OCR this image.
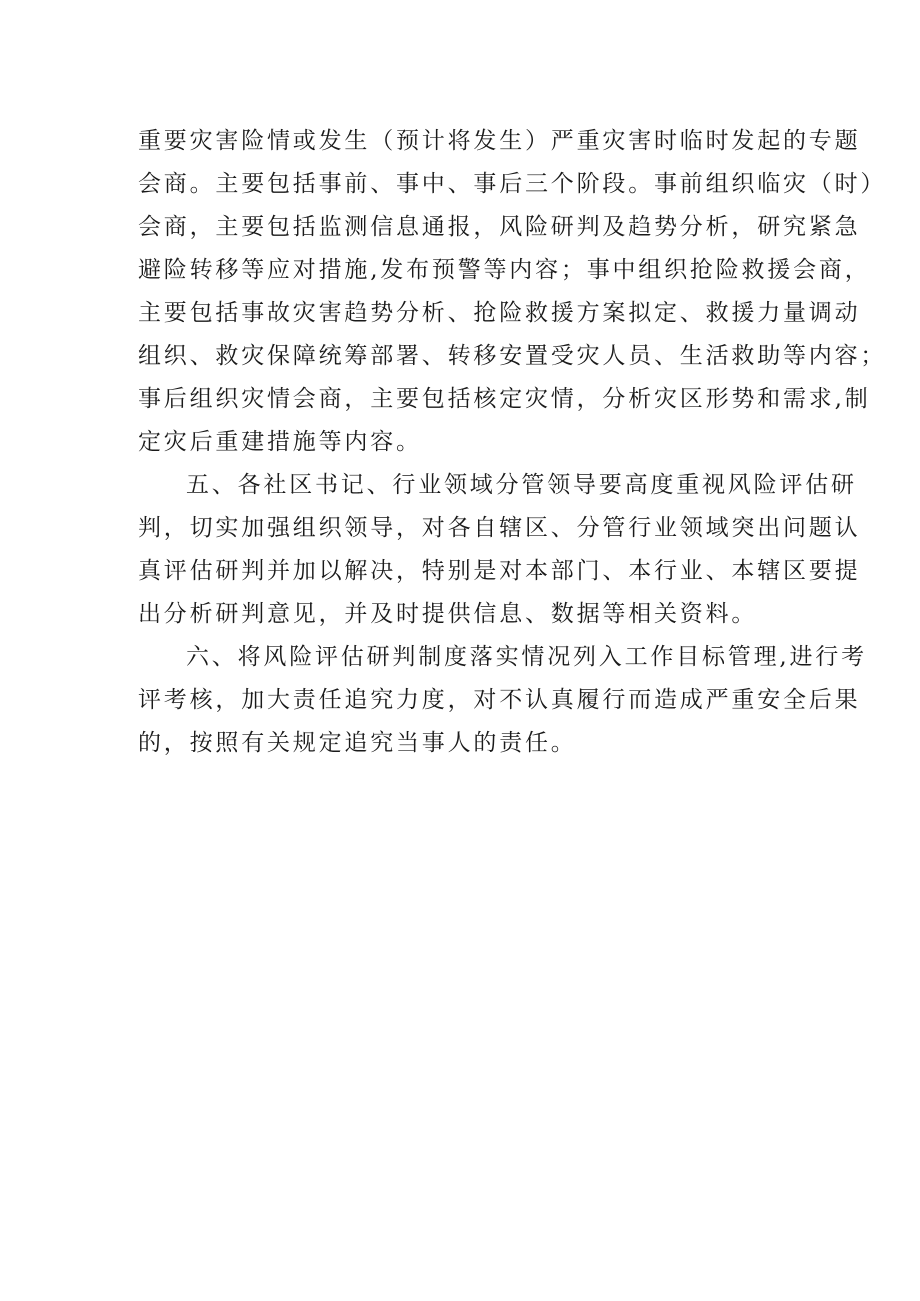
重要灾害险情或发生（预计将发生）严重灾害时临时发起的专题
会商。主要包括事前、事中、事后三个阶段。事前组织临灾（时）
会商，主要包括监测信息通报，风险研判及趋势分析，研究紧急
避险转移等应对措施,发布预警等内容；事中组织抢险救援会商，
主要包括事故灾害趋势分析、抢险救援方案拟定、救援力量调动
组织、救灾保障统筹部署、转移安置受灾人员、生活救助等内容；
事后组织灾情会商，主要包括核定灾情，分析灾区形势和需求,制
定灾后重建措施等内容。

五、各社区书记、行业领域分管领导要高度重视风险评估研
判，切实加强组织领导，对各自辖区、分管行业领域突出问题认
真评估研判并加以解决，特别是对本部门、本行业、本辖区要提
出分析研判意见，并及时提供信息、数据等相关资料。

六、将风险评估研判制度落实情况列入工作目标管理,进行考
评考核，加大责任追究力度，对不认真履行而造成严重安全后果
的，按照有关规定追究当事人的责任。
